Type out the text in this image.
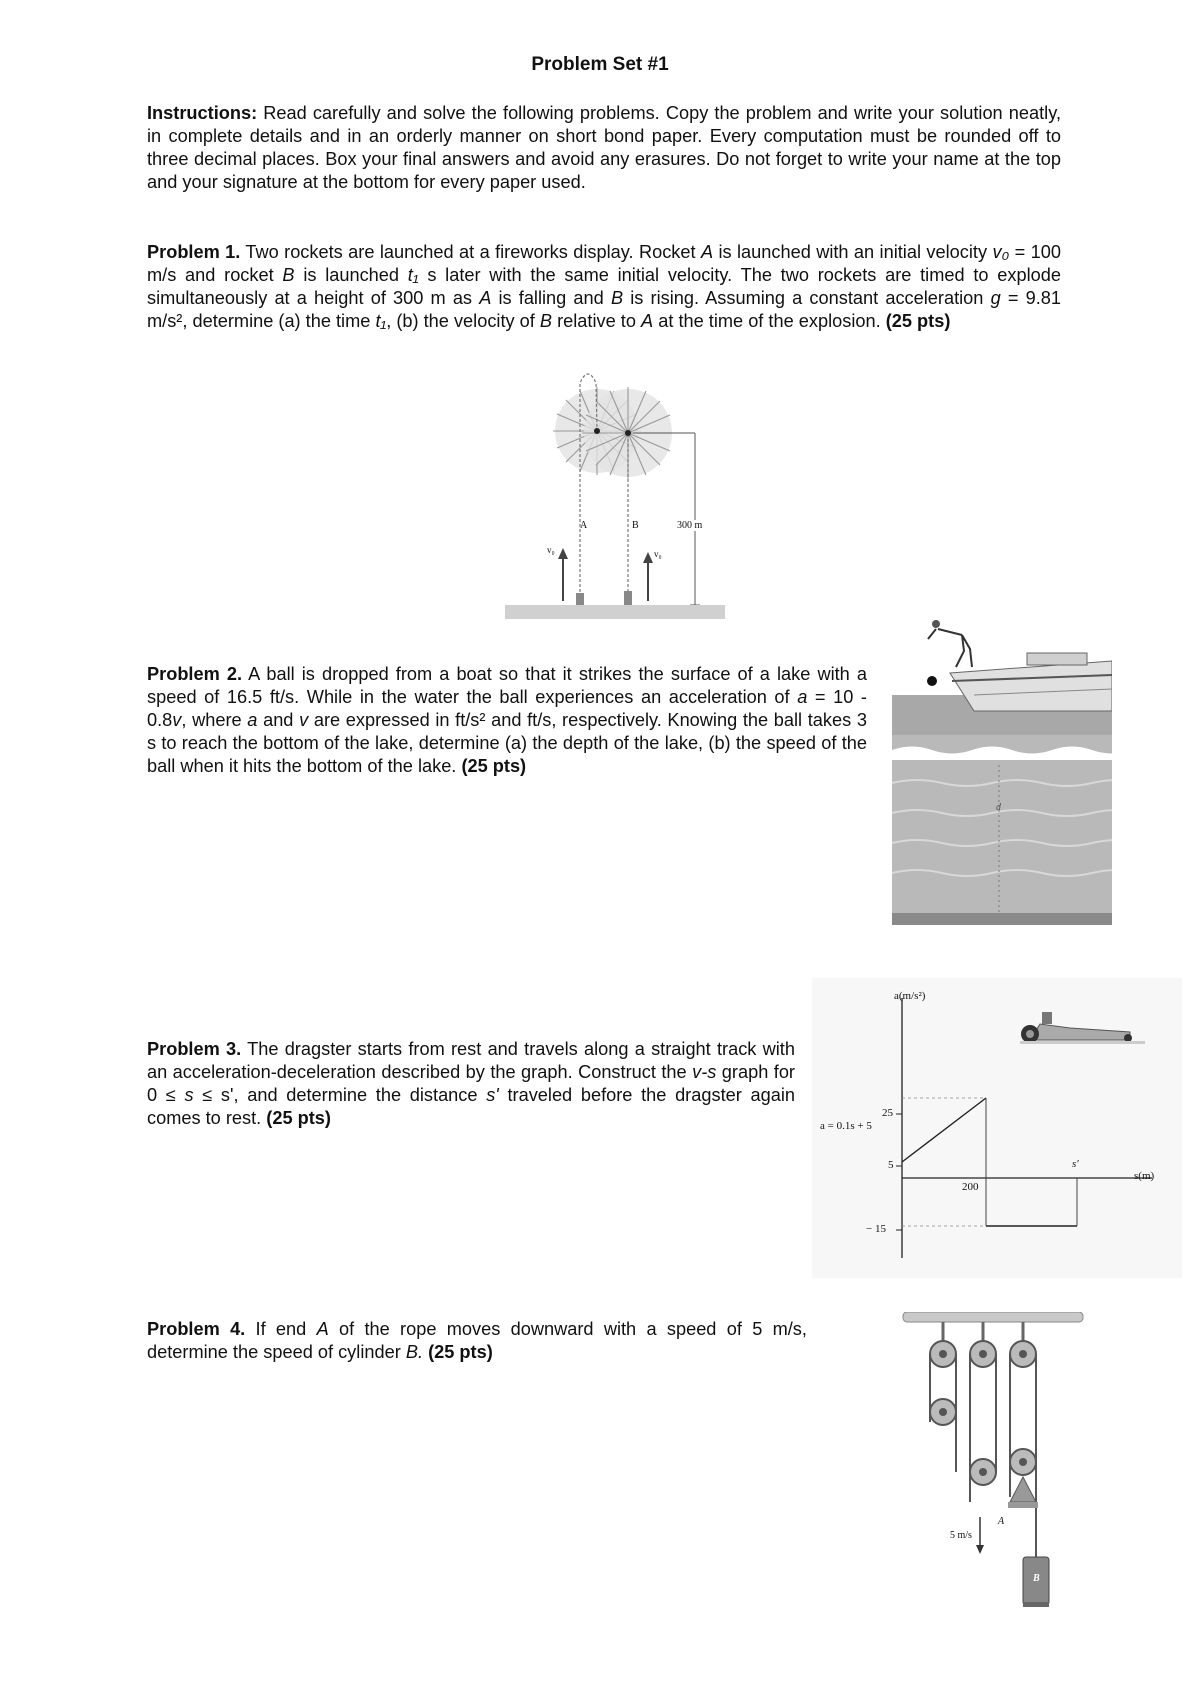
Problem Set #1
Instructions: Read carefully and solve the following problems. Copy the problem and write your solution neatly, in complete details and in an orderly manner on short bond paper. Every computation must be rounded off to three decimal places. Box your final answers and avoid any erasures. Do not forget to write your name at the top and your signature at the bottom for every paper used.
Problem 1. Two rockets are launched at a fireworks display. Rocket A is launched with an initial velocity v₀ = 100 m/s and rocket B is launched t₁ s later with the same initial velocity. The two rockets are timed to explode simultaneously at a height of 300 m as A is falling and B is rising. Assuming a constant acceleration g = 9.81 m/s², determine (a) the time t₁, (b) the velocity of B relative to A at the time of the explosion. (25 pts)
A	B
v₀	v₀
300 m
Problem 2. A ball is dropped from a boat so that it strikes the surface of a lake with a speed of 16.5 ft/s. While in the water the ball experiences an acceleration of a = 10 - 0.8v, where a and v are expressed in ft/s² and ft/s, respectively. Knowing the ball takes 3 s to reach the bottom of the lake, determine (a) the depth of the lake, (b) the speed of the ball when it hits the bottom of the lake. (25 pts)
d
Problem 3. The dragster starts from rest and travels along a straight track with an acceleration-deceleration described by the graph. Construct the v-s graph for 0 ≤ s ≤ s', and determine the distance s' traveled before the dragster again comes to rest. (25 pts)
a(m/s²)
s(m)
a = 0.1s + 5
25
5
− 15
200
s'
Problem 4. If end A of the rope moves downward with a speed of 5 m/s, determine the speed of cylinder B. (25 pts)
A
B
5 m/s
